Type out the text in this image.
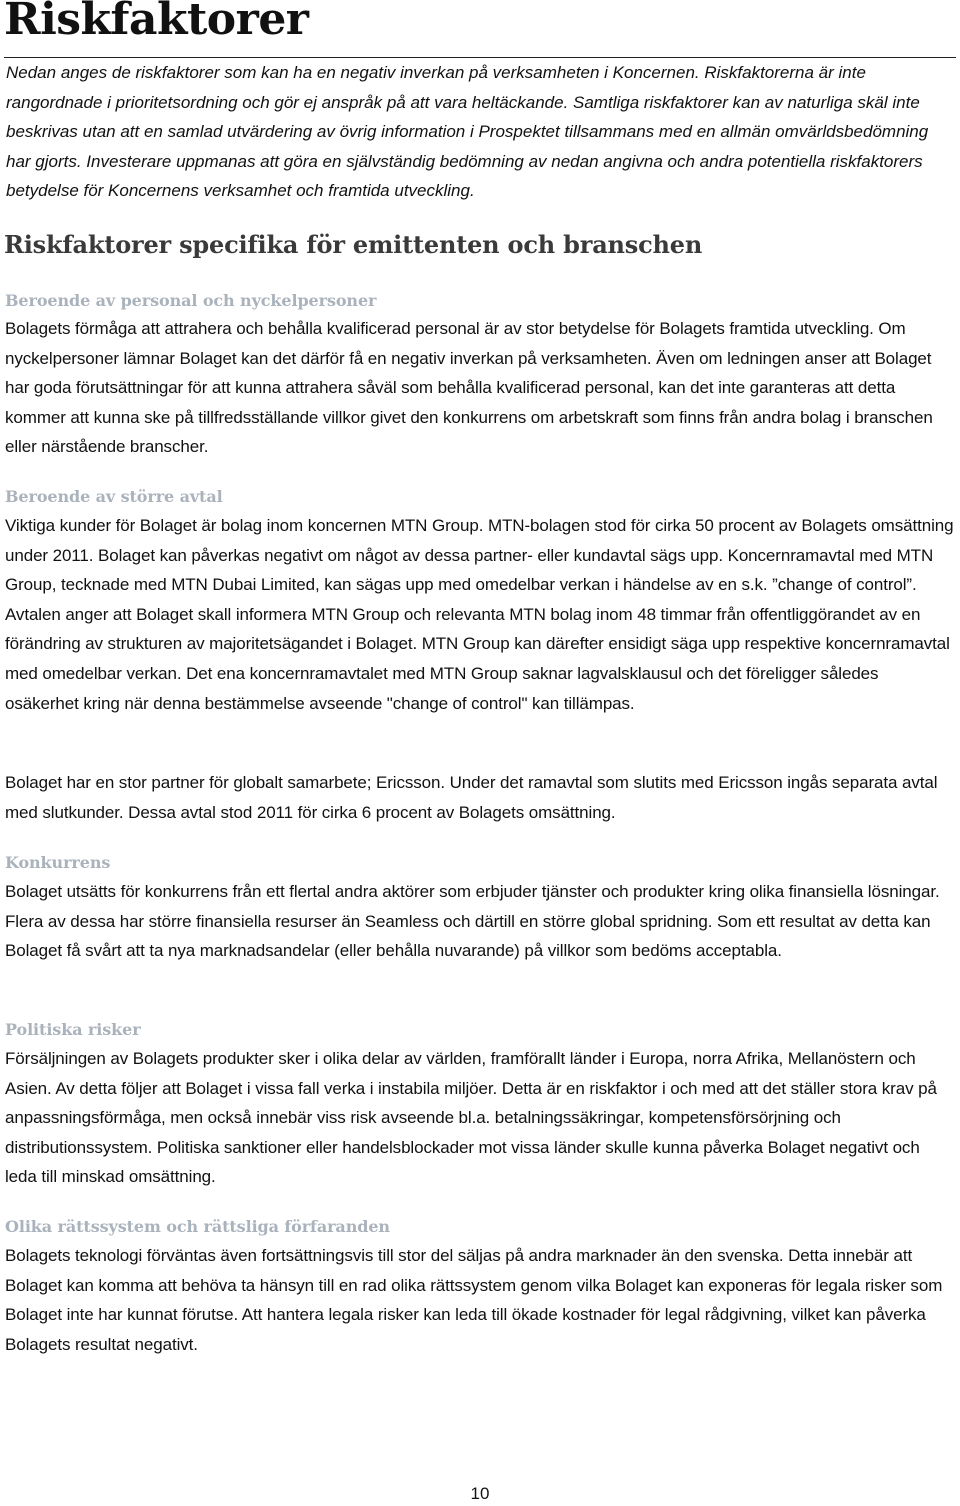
Riskfaktorer

Nedan anges de riskfaktorer som kan ha en negativ inverkan på verksamheten i Koncernen. Riskfaktorerna är inte rangordnade i prioritetsordning och gör ej anspråk på att vara heltäckande. Samtliga riskfaktorer kan av naturliga skäl inte beskrivas utan att en samlad utvärdering av övrig information i Prospektet tillsammans med en allmän omvärldsbedömning har gjorts. Investerare uppmanas att göra en självständig bedömning av nedan angivna och andra potentiella riskfaktorers betydelse för Koncernens verksamhet och framtida utveckling.

Riskfaktorer specifika för emittenten och branschen
Beroende av personal och nyckelpersoner

Bolagets förmåga att attrahera och behålla kvalificerad personal är av stor betydelse för Bolagets framtida utveckling. Om nyckelpersoner lämnar Bolaget kan det därför få en negativ inverkan på verksamheten. Även om ledningen anser att Bolaget har goda förutsättningar för att kunna attrahera såväl som behålla kvalificerad personal, kan det inte garanteras att detta kommer att kunna ske på tillfredsställande villkor givet den konkurrens om arbetskraft som finns från andra bolag i branschen eller närstående branscher.

Beroende av större avtal

Viktiga kunder för Bolaget är bolag inom koncernen MTN Group. MTN-bolagen stod för cirka 50 procent av Bolagets omsättning under 2011. Bolaget kan påverkas negativt om något av dessa partner- eller kundavtal sägs upp. Koncernramavtal med MTN Group, tecknade med MTN Dubai Limited, kan sägas upp med omedelbar verkan i händelse av en s.k. ”change of control”. Avtalen anger att Bolaget skall informera MTN Group och relevanta MTN bolag inom 48 timmar från offentliggörandet av en förändring av strukturen av majoritetsägandet i Bolaget. MTN Group kan därefter ensidigt säga upp respektive koncernramavtal med omedelbar verkan. Det ena koncernramavtalet med MTN Group saknar lagvalsklausul och det föreligger således osäkerhet kring när denna bestämmelse avseende "change of control" kan tillämpas.

Bolaget har en stor partner för globalt samarbete; Ericsson. Under det ramavtal som slutits med Ericsson ingås separata avtal med slutkunder. Dessa avtal stod 2011 för cirka 6 procent av Bolagets omsättning.

Konkurrens

Bolaget utsätts för konkurrens från ett flertal andra aktörer som erbjuder tjänster och produkter kring olika finansiella lösningar. Flera av dessa har större finansiella resurser än Seamless och därtill en större global spridning. Som ett resultat av detta kan Bolaget få svårt att ta nya marknadsandelar (eller behålla nuvarande) på villkor som bedöms acceptabla.

Politiska risker

Försäljningen av Bolagets produkter sker i olika delar av världen, framförallt länder i Europa, norra Afrika, Mellanöstern och Asien. Av detta följer att Bolaget i vissa fall verka i instabila miljöer. Detta är en riskfaktor i och med att det ställer stora krav på anpassningsförmåga, men också innebär viss risk avseende bl.a. betalningssäkringar, kompetensförsörjning och distributionssystem. Politiska sanktioner eller handelsblockader mot vissa länder skulle kunna påverka Bolaget negativt och leda till minskad omsättning.

Olika rättssystem och rättsliga förfaranden

Bolagets teknologi förväntas även fortsättningsvis till stor del säljas på andra marknader än den svenska. Detta innebär att Bolaget kan komma att behöva ta hänsyn till en rad olika rättssystem genom vilka Bolaget kan exponeras för legala risker som Bolaget inte har kunnat förutse. Att hantera legala risker kan leda till ökade kostnader för legal rådgivning, vilket kan påverka Bolagets resultat negativt.

10
